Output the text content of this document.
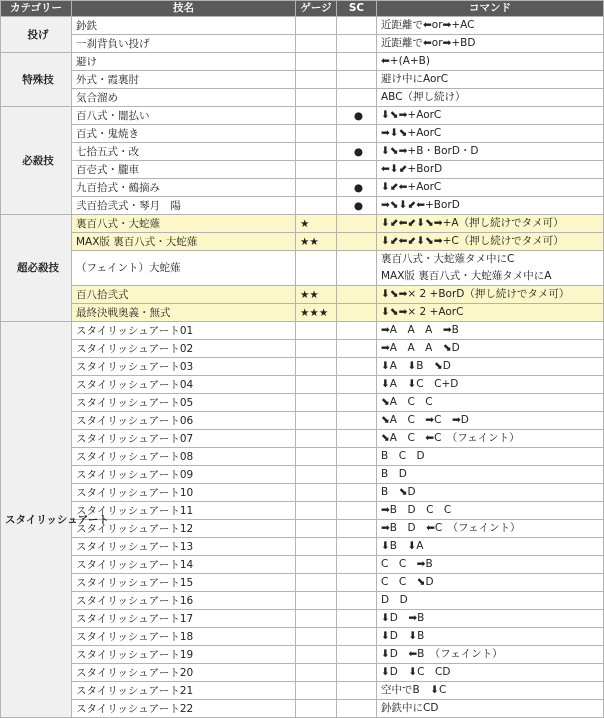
カテゴリー	技名	ゲージ	SC	コマンド
投げ	釥鉄			近距離で⬅or➡+AC

	一刹背負い投げ			近距離で⬅or➡+BD

特殊技	避け			⬅+(A+B)

	外式・霞裏肘			避け中にAorC

	気合溜め			ABC（押し続け）

必殺技	百八式・闇払い		●	⬇⬊➡+AorC

	百式・鬼焼き			➡⬇⬊+AorC

	七拾五式・改		●	⬇⬊➡+B・BorD・D

	百壱式・朧車			⬅⬇⬋+BorD

	九百拾式・鵺摘み		●	⬇⬋⬅+AorC

	弐百拾弐式・琴月　陽		●	➡⬊⬇⬋⬅+BorD

超必殺技	裏百八式・大蛇薙	★		⬇⬋⬅⬋⬇⬊➡+A（押し続けでタメ可）

	MAX版 裏百八式・大蛇薙	★★		⬇⬋⬅⬋⬇⬊➡+C（押し続けでタメ可）

	（フェイント）大蛇薙			裏百八式・大蛇薙タメ中にC
MAX版 裏百八式・大蛇薙タメ中にA

	百八拾弐式	★★		⬇⬊➡× 2 +BorD（押し続けでタメ可）

	最終決戦奥義・無式	★★★		⬇⬊➡× 2 +AorC

スタイリッシュアート	スタイリッシュアート01			➡A　A　A　➡B

	スタイリッシュアート02			➡A　A　A　⬊D

	スタイリッシュアート03			⬇A　⬇B　⬊D

	スタイリッシュアート04			⬇A　⬇C　C+D

	スタイリッシュアート05			⬊A　C　C

	スタイリッシュアート06			⬊A　C　➡C　➡D

	スタイリッシュアート07			⬊A　C　⬅C　（フェイント）

	スタイリッシュアート08			B　C　D

	スタイリッシュアート09			B　D

	スタイリッシュアート10			B　⬊D

	スタイリッシュアート11			➡B　D　C　C

	スタイリッシュアート12			➡B　D　⬅C　（フェイント）

	スタイリッシュアート13			⬇B　⬇A

	スタイリッシュアート14			C　C　➡B

	スタイリッシュアート15			C　C　⬊D

	スタイリッシュアート16			D　D

	スタイリッシュアート17			⬇D　➡B

	スタイリッシュアート18			⬇D　⬇B

	スタイリッシュアート19			⬇D　⬅B　（フェイント）

	スタイリッシュアート20			⬇D　⬇C　CD

	スタイリッシュアート21			空中でB　⬇C

	スタイリッシュアート22			釥鉄中にCD
